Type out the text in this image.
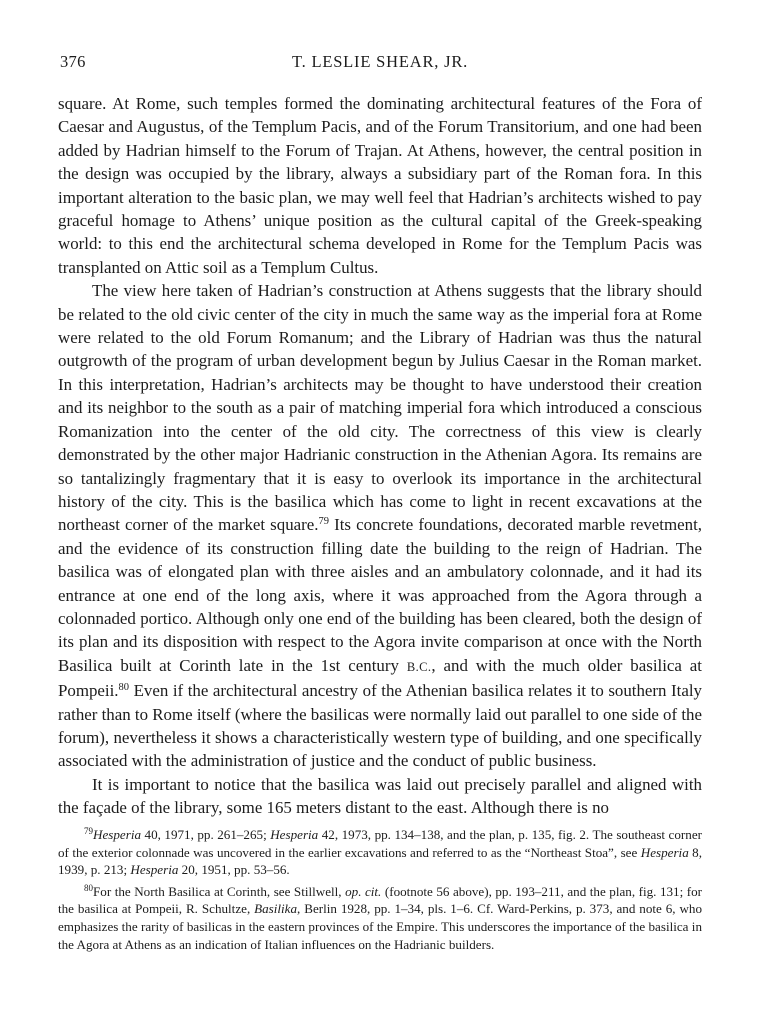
376	T. LESLIE SHEAR, JR.

square. At Rome, such temples formed the dominating architectural features of the Fora of Caesar and Augustus, of the Templum Pacis, and of the Forum Transitorium, and one had been added by Hadrian himself to the Forum of Trajan. At Athens, however, the central position in the design was occupied by the library, always a subsidiary part of the Roman fora. In this important alteration to the basic plan, we may well feel that Hadrian’s architects wished to pay graceful homage to Athens’ unique position as the cultural capital of the Greek-speaking world: to this end the architectural schema developed in Rome for the Templum Pacis was transplanted on Attic soil as a Templum Cultus.

The view here taken of Hadrian’s construction at Athens suggests that the library should be related to the old civic center of the city in much the same way as the imperial fora at Rome were related to the old Forum Romanum; and the Library of Hadrian was thus the natural outgrowth of the program of urban development begun by Julius Caesar in the Roman market. In this interpretation, Hadrian’s architects may be thought to have understood their creation and its neighbor to the south as a pair of matching imperial fora which introduced a conscious Romanization into the center of the old city. The correctness of this view is clearly demonstrated by the other major Hadrianic construction in the Athenian Agora. Its remains are so tantalizingly fragmentary that it is easy to overlook its importance in the architectural history of the city. This is the basilica which has come to light in recent excavations at the northeast corner of the market square.$^{79}$ Its concrete foundations, decorated marble revetment, and the evidence of its construction filling date the building to the reign of Hadrian. The basilica was of elongated plan with three aisles and an ambulatory colonnade, and it had its entrance at one end of the long axis, where it was approached from the Agora through a colonnaded portico. Although only one end of the building has been cleared, both the design of its plan and its disposition with respect to the Agora invite comparison at once with the North Basilica built at Corinth late in the 1st century B.C., and with the much older basilica at Pompeii.$^{80}$ Even if the architectural ancestry of the Athenian basilica relates it to southern Italy rather than to Rome itself (where the basilicas were normally laid out parallel to one side of the forum), nevertheless it shows a characteristically western type of building, and one specifically associated with the administration of justice and the conduct of public business.

It is important to notice that the basilica was laid out precisely parallel and aligned with the façade of the library, some 165 meters distant to the east. Although there is no

$^{79}$Hesperia 40, 1971, pp. 261–265; Hesperia 42, 1973, pp. 134–138, and the plan, p. 135, fig. 2. The southeast corner of the exterior colonnade was uncovered in the earlier excavations and referred to as the “Northeast Stoa”, see Hesperia 8, 1939, p. 213; Hesperia 20, 1951, pp. 53–56.

$^{80}$For the North Basilica at Corinth, see Stillwell, op. cit. (footnote 56 above), pp. 193–211, and the plan, fig. 131; for the basilica at Pompeii, R. Schultze, Basilika, Berlin 1928, pp. 1–34, pls. 1–6. Cf. Ward-Perkins, p. 373, and note 6, who emphasizes the rarity of basilicas in the eastern provinces of the Empire. This underscores the importance of the basilica in the Agora at Athens as an indication of Italian influences on the Hadrianic builders.
